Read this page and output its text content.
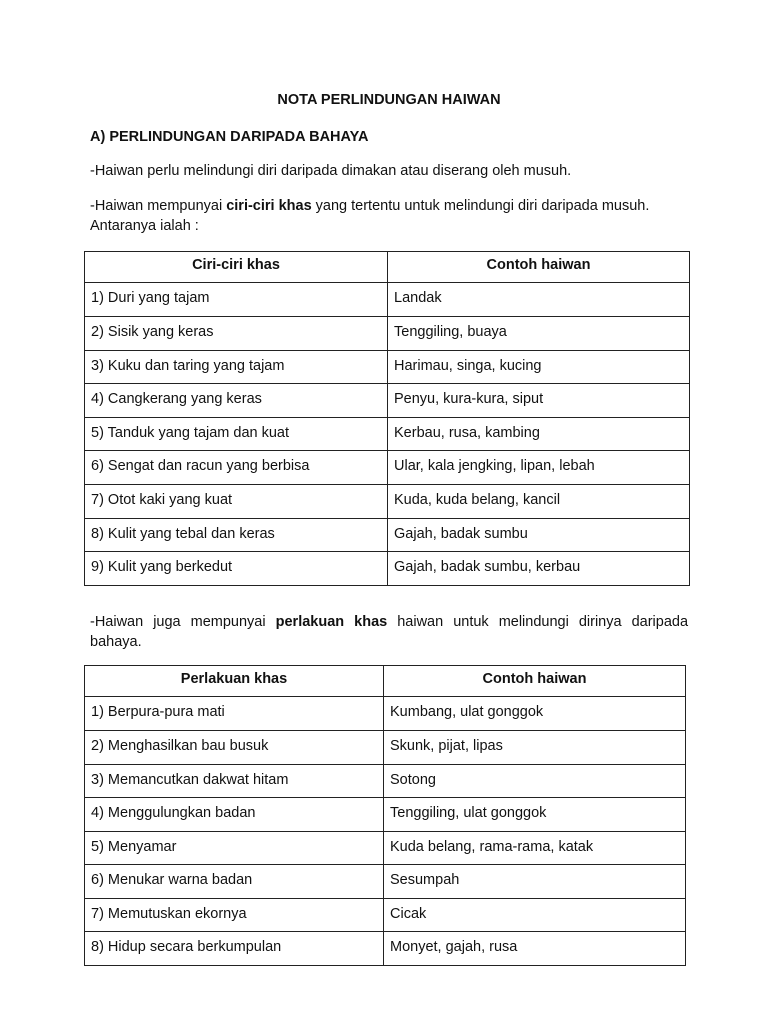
NOTA PERLINDUNGAN HAIWAN
A) PERLINDUNGAN DARIPADA BAHAYA

-Haiwan perlu melindungi diri daripada dimakan atau diserang oleh musuh.

-Haiwan mempunyai ciri-ciri khas yang tertentu untuk melindungi diri daripada musuh. Antaranya ialah :

Ciri-ciri khas	Contoh haiwan
1) Duri yang tajam	Landak
2) Sisik yang keras	Tenggiling, buaya
3) Kuku dan taring yang tajam	Harimau, singa, kucing
4) Cangkerang yang keras	Penyu, kura-kura, siput
5) Tanduk yang tajam dan kuat	Kerbau, rusa, kambing
6) Sengat dan racun yang berbisa	Ular, kala jengking, lipan, lebah
7) Otot kaki yang kuat	Kuda, kuda belang, kancil
8) Kulit yang tebal dan keras	Gajah, badak sumbu
9) Kulit yang berkedut	Gajah, badak sumbu, kerbau

-Haiwan juga mempunyai perlakuan khas haiwan untuk melindungi dirinya daripada bahaya.

Perlakuan khas	Contoh haiwan
1) Berpura-pura mati	Kumbang, ulat gonggok
2) Menghasilkan bau busuk	Skunk, pijat, lipas
3) Memancutkan dakwat hitam	Sotong
4) Menggulungkan badan	Tenggiling, ulat gonggok
5) Menyamar	Kuda belang, rama-rama, katak
6) Menukar warna badan	Sesumpah
7) Memutuskan ekornya	Cicak
8) Hidup secara berkumpulan	Monyet, gajah, rusa
